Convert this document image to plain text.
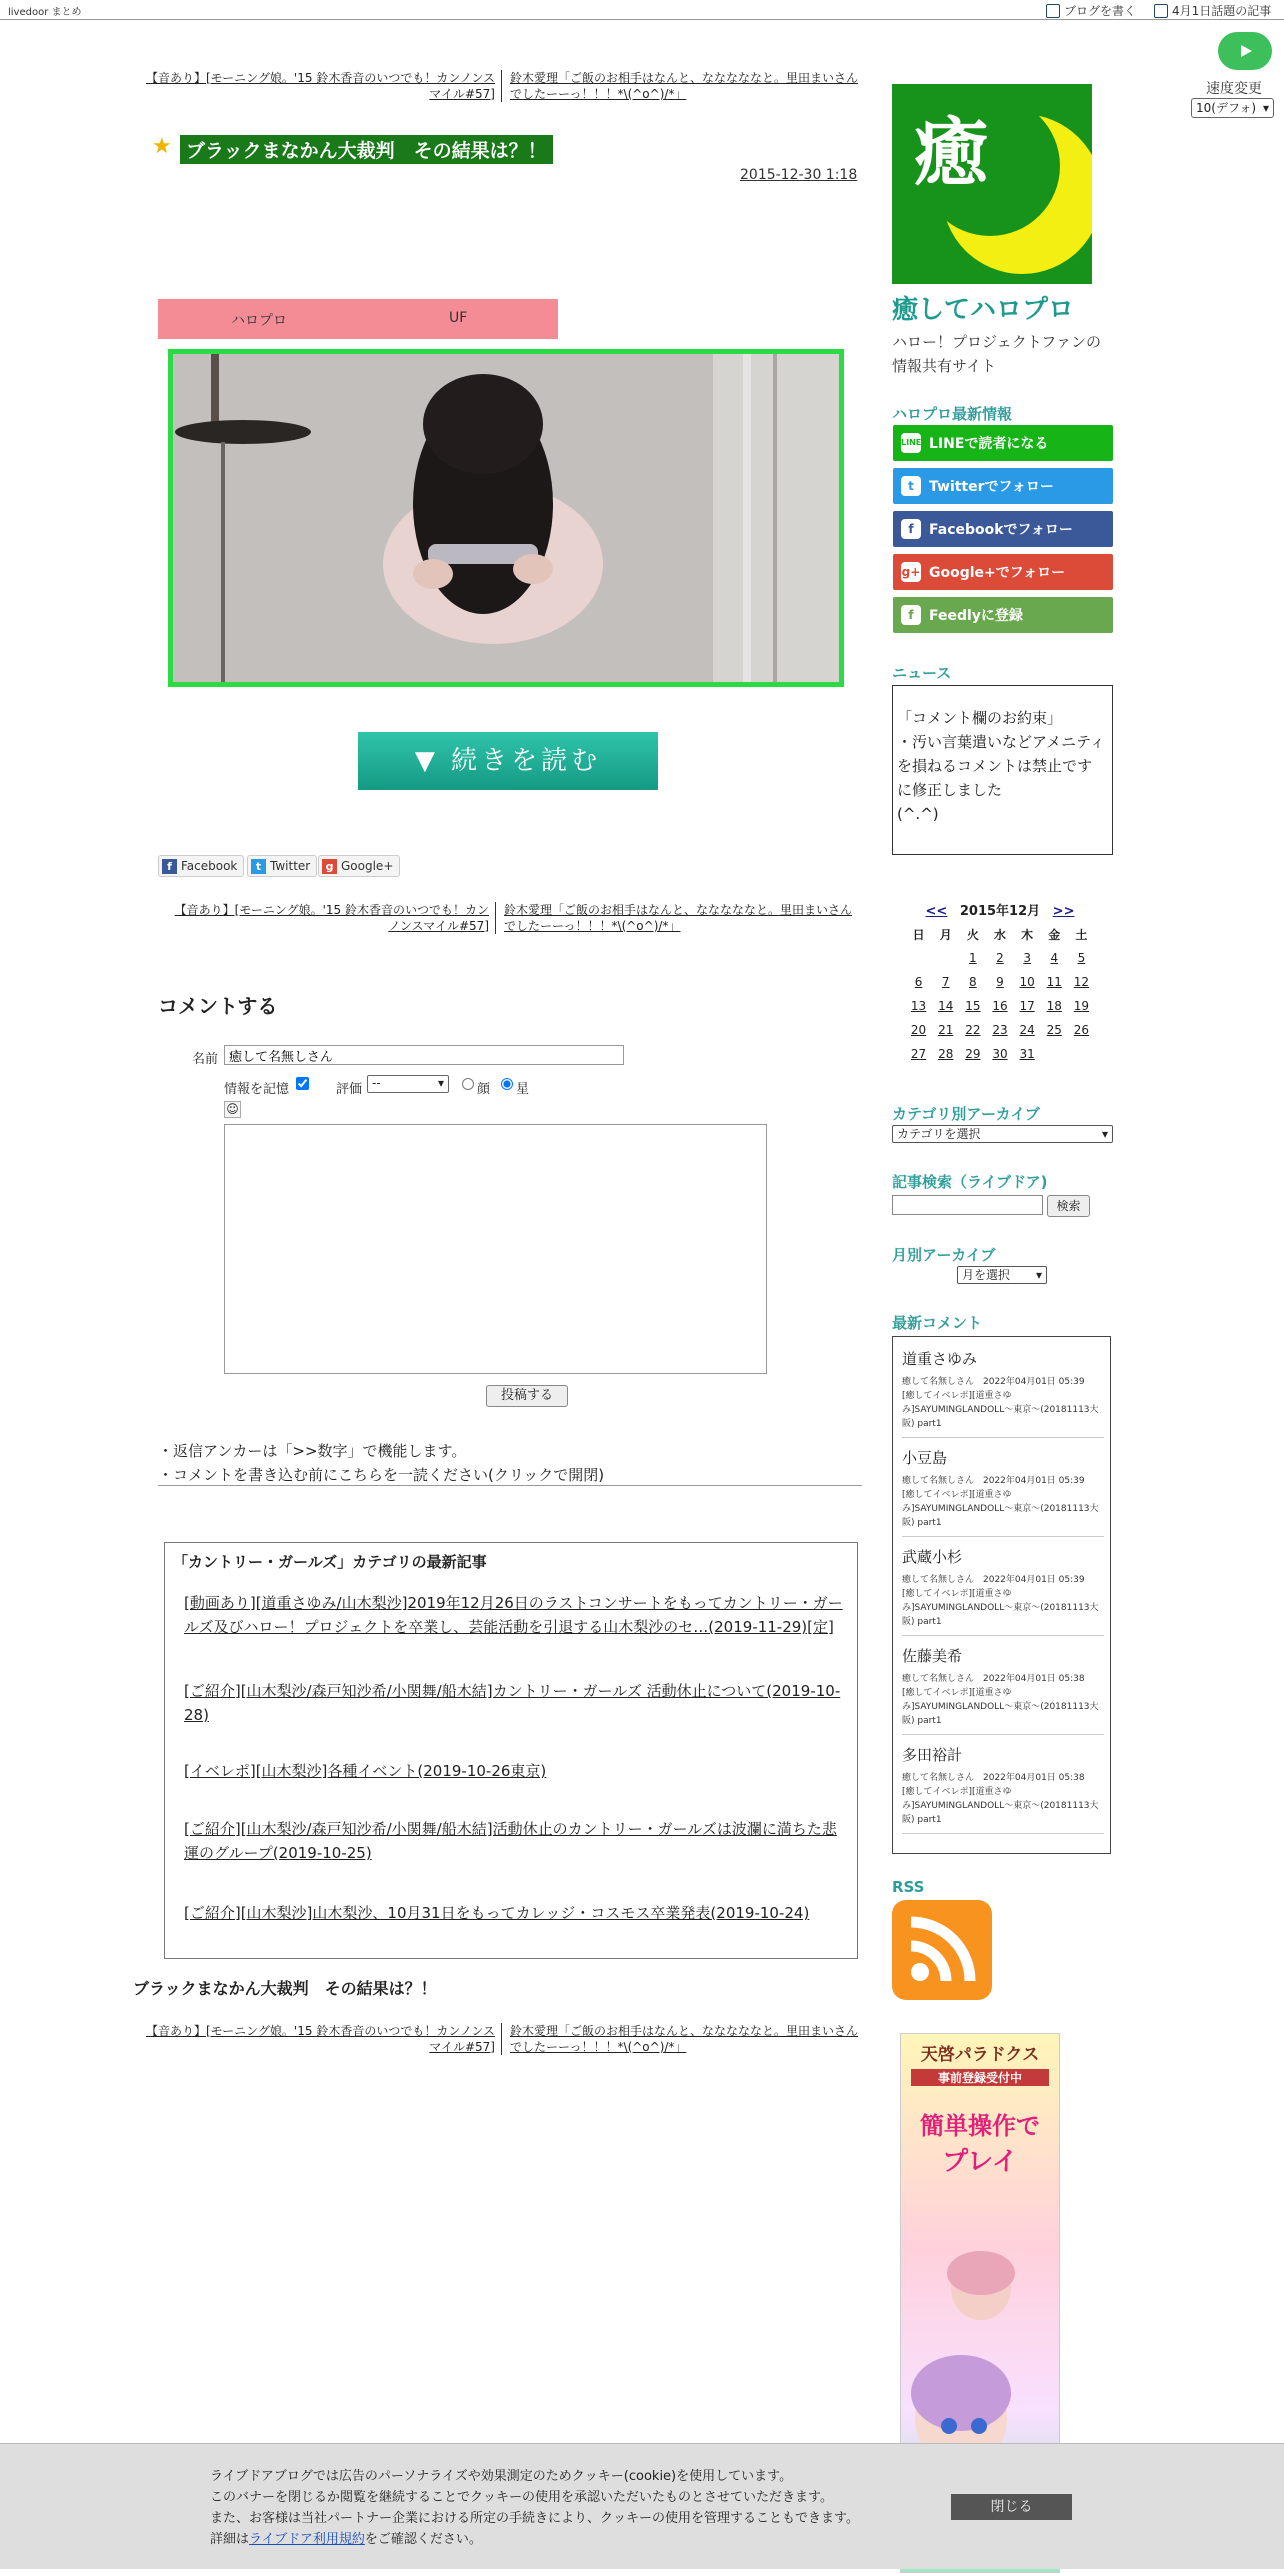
livedoor まとめ	ブログを書く	4月1日話題の記事
速度変更
10(デフォ) ▾
【音あり】[モーニング娘。'15 鈴木香音のいつでも！カンノンスマイル#57]
鈴木愛理「ご飯のお相手はなんと、なななななと。里田まいさんでしたーーっ！！！*\(^o^)/*」
★ ブラックまなかん大裁判　その結果は？！
2015-12-30 1:18
ハロプロ	UF
▼ 続きを読む
f Facebook	t Twitter	g Google+
【音あり】[モーニング娘。'15 鈴木香音のいつでも！カンノンスマイル#57]
鈴木愛理「ご飯のお相手はなんと、なななななと。里田まいさんでしたーーっ！！！*\(^o^)/*」
コメントする
名前
癒して名無しさん
情報を記憶	評価 --	▾	顔 星
☺
投稿する
・返信アンカーは「>>数字」で機能します。
・コメントを書き込む前にこちらを一読ください(クリックで開閉)
「カントリー・ガールズ」カテゴリの最新記事
[動画あり][道重さゆみ/山木梨沙]2019年12月26日のラストコンサートをもってカントリー・ガールズ及びハロー！プロジェクトを卒業し、芸能活動を引退する山木梨沙のセ…(2019-11-29)[定]
[ご紹介][山木梨沙/森戸知沙希/小関舞/船木結]カントリー・ガールズ 活動休止について(2019-10-28)
[イベレポ][山木梨沙]各種イベント(2019-10-26東京)
[ご紹介][山木梨沙/森戸知沙希/小関舞/船木結]活動休止のカントリー・ガールズは波瀾に満ちた悲運のグループ(2019-10-25)
[ご紹介][山木梨沙]山木梨沙、10月31日をもってカレッジ・コスモス卒業発表(2019-10-24)
ブラックまなかん大裁判　その結果は？！
【音あり】[モーニング娘。'15 鈴木香音のいつでも！カンノンスマイル#57]
鈴木愛理「ご飯のお相手はなんと、なななななと。里田まいさんでしたーーっ！！！*\(^o^)/*」
癒
癒してハロプロ
ハロー！プロジェクトファンの情報共有サイト
ハロプロ最新情報
LINE LINEで読者になる
t	Twitterでフォロー
f	Facebookでフォロー
g+ Google+でフォロー
f	Feedlyに登録
ニュース
「コメント欄のお約束」
・汚い言葉遣いなどアメニティを損ねるコメントは禁止です
に修正しました
(^.^)
<< 2015年12月 >>
日	月	火	水	木	金	土
		1	2	3	4	5
6	7	8	9	10	11	12
13	14	15	16	17	18	19
20	21	22	23	24	25	26
27	28	29	30	31		
カテゴリ別アーカイブ
カテゴリを選択	▾
記事検索（ライブドア)
検索
月別アーカイブ
月を選択 ▾
最新コメント
道重さゆみ
癒して名無しさん　2022年04月01日 05:39
[癒してイベレポ][道重さゆみ]SAYUMINGLANDOLL〜東京〜(20181113大阪) part1
小豆島
癒して名無しさん　2022年04月01日 05:39
[癒してイベレポ][道重さゆみ]SAYUMINGLANDOLL〜東京〜(20181113大阪) part1
武蔵小杉
癒して名無しさん　2022年04月01日 05:39
[癒してイベレポ][道重さゆみ]SAYUMINGLANDOLL〜東京〜(20181113大阪) part1
佐藤美希
癒して名無しさん　2022年04月01日 05:38
[癒してイベレポ][道重さゆみ]SAYUMINGLANDOLL〜東京〜(20181113大阪) part1
多田裕計
癒して名無しさん　2022年04月01日 05:38
[癒してイベレポ][道重さゆみ]SAYUMINGLANDOLL〜東京〜(20181113大阪) part1
RSS
天啓パラドクス
事前登録受付中
簡単操作で
プレイ
ライブドアブログでは広告のパーソナライズや効果測定のためクッキー(cookie)を使用しています。
このバナーを閉じるか閲覧を継続することでクッキーの使用を承認いただいたものとさせていただきます。
また、お客様は当社パートナー企業における所定の手続きにより、クッキーの使用を管理することもできます。
詳細はライブドア利用規約をご確認ください。
閉じる
